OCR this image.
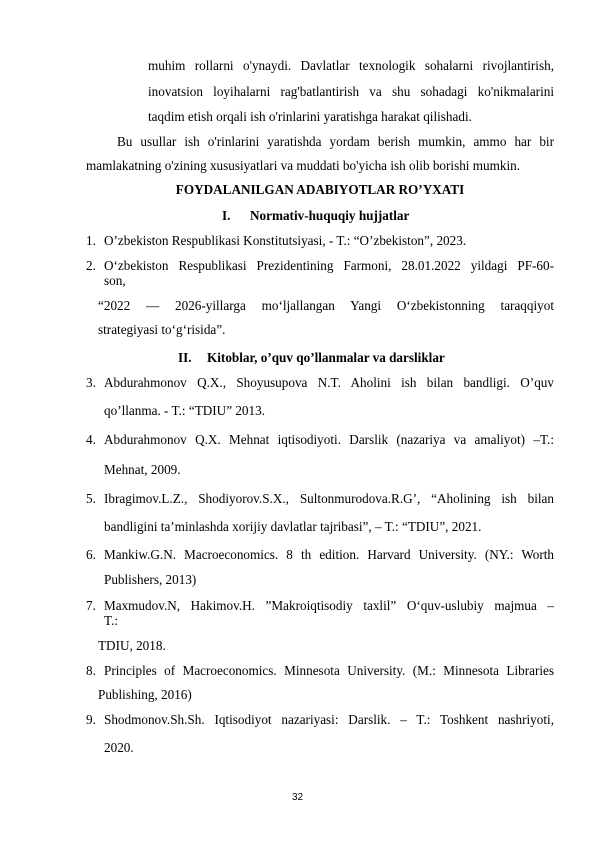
muhim rollarni o'ynaydi. Davlatlar texnologik sohalarni rivojlantirish,
inovatsion loyihalarni rag'batlantirish va shu sohadagi ko'nikmalarini
taqdim etish orqali ish o'rinlarini yaratishga harakat qilishadi.
Bu usullar ish o'rinlarini yaratishda yordam berish mumkin, ammo har bir
mamlakatning o'zining xususiyatlari va muddati bo'yicha ish olib borishi mumkin.
FOYDALANILGAN ADABIYOTLAR RO’YXATI
I. Normativ-huquqiy hujjatlar
1. O’zbekiston Respublikasi Konstitutsiyasi, - T.: “O’zbekiston”, 2023.
2. O‘zbekiston Respublikasi Prezidentining Farmoni, 28.01.2022 yildagi PF-60-
son,
“2022 — 2026-yillarga mo‘ljallangan Yangi O‘zbekistonning taraqqiyot
strategiyasi to‘g‘risida”.
II. Kitoblar, o’quv qo’llanmalar va darsliklar
3. Abdurahmonov Q.X., Shoyusupova N.T. Aholini ish bilan bandligi. O’quv
qo’llanma. - T.: “TDIU” 2013.
4. Abdurahmonov Q.X. Mehnat iqtisodiyoti. Darslik (nazariya va amaliyot) –T.:
Mehnat, 2009.
5. Ibragimov.L.Z., Shodiyorov.S.X., Sultonmurodova.R.G’, “Aholining ish bilan
bandligini ta’minlashda xorijiy davlatlar tajribasi”, – T.: “TDIU”, 2021.
6. Mankiw.G.N. Macroeconomics. 8 th edition. Harvard University. (NY.: Worth
Publishers, 2013)
7. Maxmudov.N, Hakimov.H. ”Makroiqtisodiy taxlil” O‘quv-uslubiy majmua –
T.:
TDIU, 2018.
8. Principles of Macroeconomics. Minnesota University. (M.: Minnesota Libraries
Publishing, 2016)
9. Shodmonov.Sh.Sh. Iqtisodiyot nazariyasi: Darslik. – T.: Toshkent nashriyoti,
2020.
32
